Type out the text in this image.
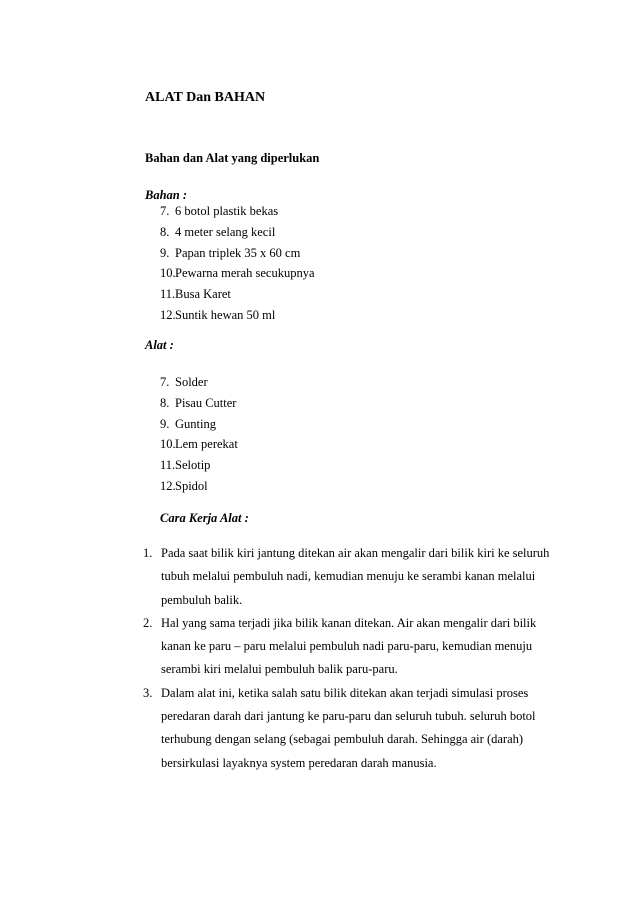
ALAT Dan BAHAN
Bahan dan Alat yang diperlukan
Bahan :
7. 6 botol plastik bekas
8. 4 meter selang kecil
9. Papan triplek 35 x 60 cm
10.Pewarna merah secukupnya
11.Busa Karet
12.Suntik hewan 50 ml
Alat :
7. Solder
8. Pisau Cutter
9. Gunting
10.Lem perekat
11.Selotip
12.Spidol
Cara Kerja Alat :
1. Pada saat bilik kiri jantung ditekan air akan mengalir dari bilik kiri ke seluruh tubuh melalui pembuluh nadi, kemudian menuju ke serambi kanan melalui pembuluh balik.
2. Hal yang sama terjadi jika bilik kanan ditekan. Air akan mengalir dari bilik kanan ke paru – paru melalui pembuluh nadi paru-paru, kemudian menuju serambi kiri melalui pembuluh balik paru-paru.
3. Dalam alat ini, ketika salah satu bilik ditekan akan terjadi simulasi proses peredaran darah dari jantung ke paru-paru dan seluruh tubuh. seluruh botol terhubung dengan selang (sebagai pembuluh darah. Sehingga air (darah) bersirkulasi layaknya system peredaran darah manusia.
